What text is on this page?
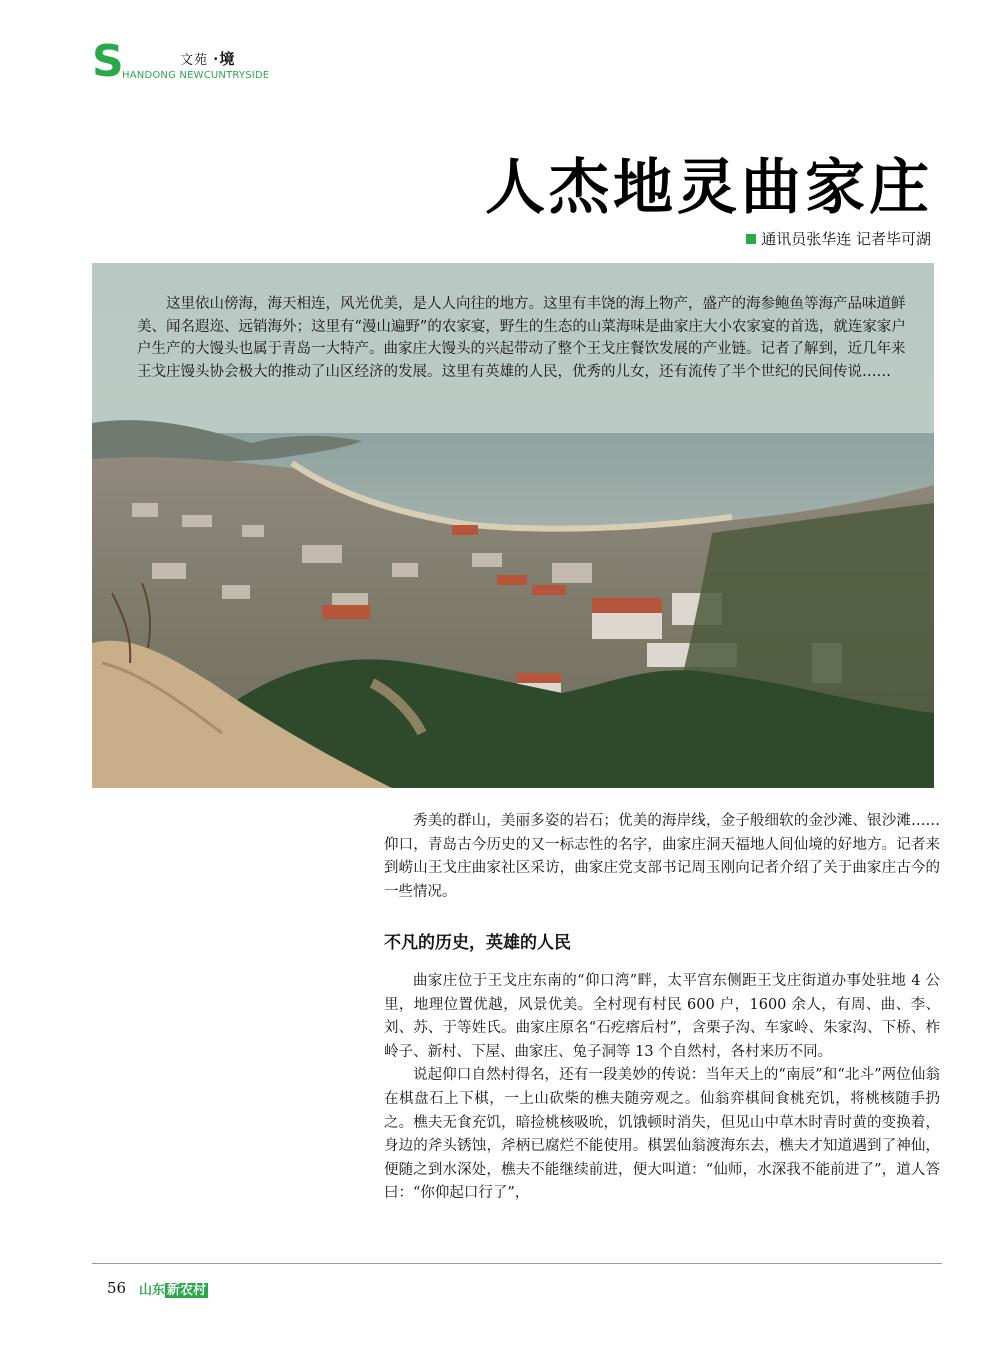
S	文苑 ·境
HANDONG NEWCUNTRYSIDE
人杰地灵曲家庄
通讯员张华连 记者毕可湖

这里依山傍海，海天相连，风光优美，是人人向往的地方。这里有丰饶的海上物产，盛产的海参鲍鱼等海产品味道鲜美、闻名遐迩、远销海外；这里有“漫山遍野”的农家宴，野生的生态的山菜海味是曲家庄大小农家宴的首选，就连家家户户生产的大馒头也属于青岛一大特产。曲家庄大馒头的兴起带动了整个王戈庄餐饮发展的产业链。记者了解到，近几年来王戈庄馒头协会极大的推动了山区经济的发展。这里有英雄的人民，优秀的儿女，还有流传了半个世纪的民间传说……

秀美的群山，美丽多姿的岩石；优美的海岸线，金子般细软的金沙滩、银沙滩……仰口，青岛古今历史的又一标志性的名字，曲家庄洞天福地人间仙境的好地方。记者来到崂山王戈庄曲家社区采访，曲家庄党支部书记周玉刚向记者介绍了关于曲家庄古今的一些情况。

不凡的历史，英雄的人民

曲家庄位于王戈庄东南的“仰口湾”畔，太平宫东侧距王戈庄街道办事处驻地 4 公里，地理位置优越，风景优美。全村现有村民 600 户，1600 余人，有周、曲、李、刘、苏、于等姓氏。曲家庄原名“石疙瘩后村”，含栗子沟、车家岭、朱家沟、下桥、柞岭子、新村、下屋、曲家庄、兔子洞等 13 个自然村，各村来历不同。

说起仰口自然村得名，还有一段美妙的传说：当年天上的“南辰”和“北斗”两位仙翁在棋盘石上下棋，一上山砍柴的樵夫随旁观之。仙翁弈棋间食桃充饥，将桃核随手扔之。樵夫无食充饥，暗捡桃核吸吮，饥饿顿时消失，但见山中草木时青时黄的变换着，身边的斧头锈蚀，斧柄已腐烂不能使用。棋罢仙翁渡海东去，樵夫才知道遇到了神仙，便随之到水深处，樵夫不能继续前进，便大叫道：“仙师，水深我不能前进了”，道人答曰：“你仰起口行了”，

56 山东 新农村
